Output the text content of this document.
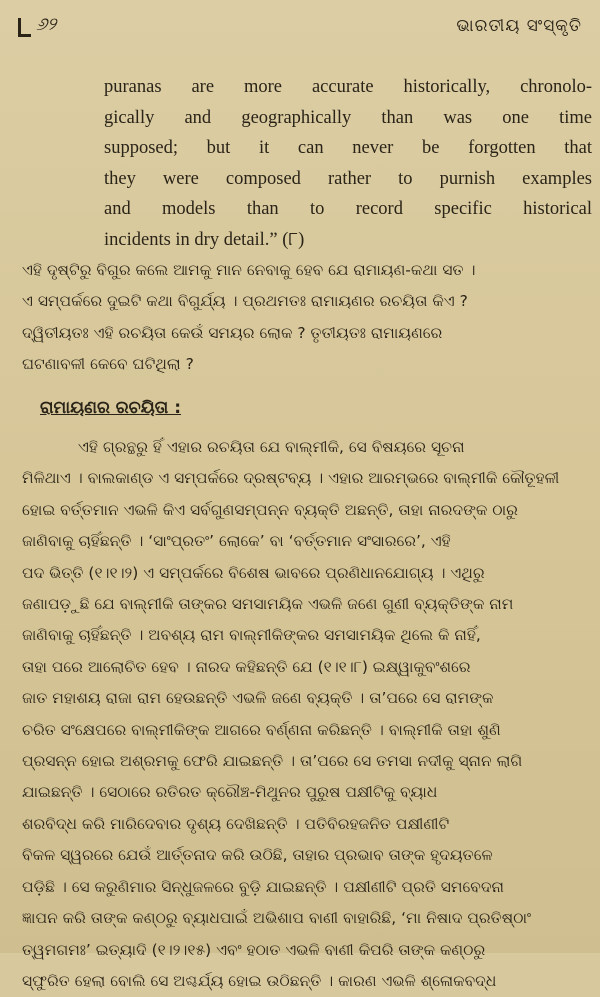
୬୨	ଭାରତୀୟ ସଂସ୍କୃତି
puranas are more accurate historically, chronolo-
gically and geographically than was one time
supposed; but it can never be forgotten that
they were composed rather to purnish examples
and models than to record specific historical
incidents in dry detail.” (୮)
ଏହି ଦୃଷ୍ଟିରୁ ବିଗୁର କଲେ ଆମକୁ ମାନ ନେବାକୁ ହେବ ଯେ ରାମାୟଣ-କଥା ସତ ।
ଏ ସମ୍ପର୍କରେ ଦୁଇଟି କଥା ବିଗୁର୍ଯ୍ୟ । ପ୍ରଥମତଃ ରାମାୟଣର ରଚୟିତା କିଏ ?
ଦ୍ୱିତୀୟତଃ ଏହି ରଚୟିତା କେଉଁ ସମୟର ଲୋକ ? ତୃତୀୟତଃ ରାମାୟଣରେ
ଘଟଣାବଳୀ କେବେ ଘଟିଥିଲା ?
ରାମାୟଣର ରଚୟିତା :
ଏହି ଗ୍ରନ୍ଥରୁ ହିଁ ଏହାର ରଚୟିତା ଯେ ବାଲ୍ମୀକି, ସେ ବିଷୟରେ ସୂଚନା
ମିଳିଥାଏ । ବାଲକାଣ୍ଡ ଏ ସମ୍ପର୍କରେ ଦ୍ରଷ୍ଟବ୍ୟ । ଏହାର ଆରମ୍ଭରେ ବାଲ୍ମୀକି କୌତୂହଳୀ
ହୋଇ ବର୍ତ୍ତମାନ ଏଭଳି କିଏ ସର୍ବଗୁଣସମ୍ପନ୍ନ ବ୍ୟକ୍ତି ଅଛନ୍ତି, ତାହା ନାରଦଙ୍କ ଠାରୁ
ଜାଣିବାକୁ ଚାହିଁଛନ୍ତି । ‘ସାଂପ୍ରତଂ’ ଲୋକେ’ ବା ‘ବର୍ତ୍ତମାନ ସଂସାରରେ’, ଏହି
ପଦ ଭିତ୍ତି (୧।୧।୨) ଏ ସମ୍ପର୍କରେ ବିଶେଷ ଭାବରେ ପ୍ରଣିଧାନଯୋଗ୍ୟ । ଏଥିରୁ
ଜଣାପଡ଼ୁଛି ଯେ ବାଲ୍ମୀକି ତାଙ୍କର ସମସାମୟିକ ଏଭଳି ଜଣେ ଗୁଣୀ ବ୍ୟକ୍ତିଙ୍କ ନାମ
ଜାଣିବାକୁ ଚାହିଁଛନ୍ତି । ଅବଶ୍ୟ ରାମ ବାଲ୍ମୀକିଙ୍କର ସମସାମୟିକ ଥିଲେ କି ନାହିଁ,
ତାହା ପରେ ଆଲୋଚିତ ହେବ । ନାରଦ କହିଛନ୍ତି ଯେ (୧।୧।୮) ଇକ୍ଷ୍ୱାକୁବଂଶରେ
ଜାତ ମହାଶୟ ରାଜା ରାମ ହେଉଛନ୍ତି ଏଭଳି ଜଣେ ବ୍ୟକ୍ତି । ତା’ପରେ ସେ ରାମଙ୍କ
ଚରିତ ସଂକ୍ଷେପରେ ବାଲ୍ମୀକିଙ୍କ ଆଗରେ ବର୍ଣ୍ଣନା କରିଛନ୍ତି । ବାଲ୍ମୀକି ତାହା ଶୁଣି
ପ୍ରସନ୍ନ ହୋଇ ଅଶ୍ରମକୁ ଫେରି ଯାଇଛନ୍ତି । ତା’ପରେ ସେ ତମସା ନଦୀକୁ ସ୍ନାନ ଲାଗି
ଯାଇଛନ୍ତି । ସେଠାରେ ରତିରତ କ୍ରୌଞ୍ଚ-ମିଥୁନର ପୁରୁଷ ପକ୍ଷୀଟିକୁ ବ୍ୟାଧ
ଶରବିଦ୍ଧ କରି ମାରିଦେବାର ଦୃଶ୍ୟ ଦେଖିଛନ୍ତି । ପତିବିରହଜନିତ ପକ୍ଷୀଣୀଟି
ବିକଳ ସ୍ୱରରେ ଯେଉଁ ଆର୍ତ୍ତନାଦ କରି ଉଠିଛି, ତାହାର ପ୍ରଭାବ ତାଙ୍କ ହୃଦୟତଳେ
ପଡ଼ିଛି । ସେ କରୁଣିମାର ସିନ୍ଧୁଜଳରେ ବୁଡ଼ି ଯାଇଛନ୍ତି । ପକ୍ଷୀଣୀଟି ପ୍ରତି ସମବେଦନା
ଜ୍ଞାପନ କରି ତାଙ୍କ କଣ୍ଠରୁ ବ୍ୟାଧପାଇଁ ଅଭିଶାପ ବାଣୀ ବାହାରିଛି, ‘ମା ନିଷାଦ ପ୍ରତିଷ୍ଠାଂ
ତ୍ୱମଗମଃ’ ଇତ୍ୟାଦି (୧।୨।୧୫) ଏବଂ ହଠାତ ଏଭଳି ବାଣୀ କିପରି ତାଙ୍କ କଣ୍ଠରୁ
ସ୍ଫୁରିତ ହେଲା ବୋଲି ସେ ଅଶ୍ଚର୍ଯ୍ୟ ହୋଇ ଉଠିଛନ୍ତି । କାରଣ ଏଭଳି ଶ୍ଳୋକବଦ୍ଧ
